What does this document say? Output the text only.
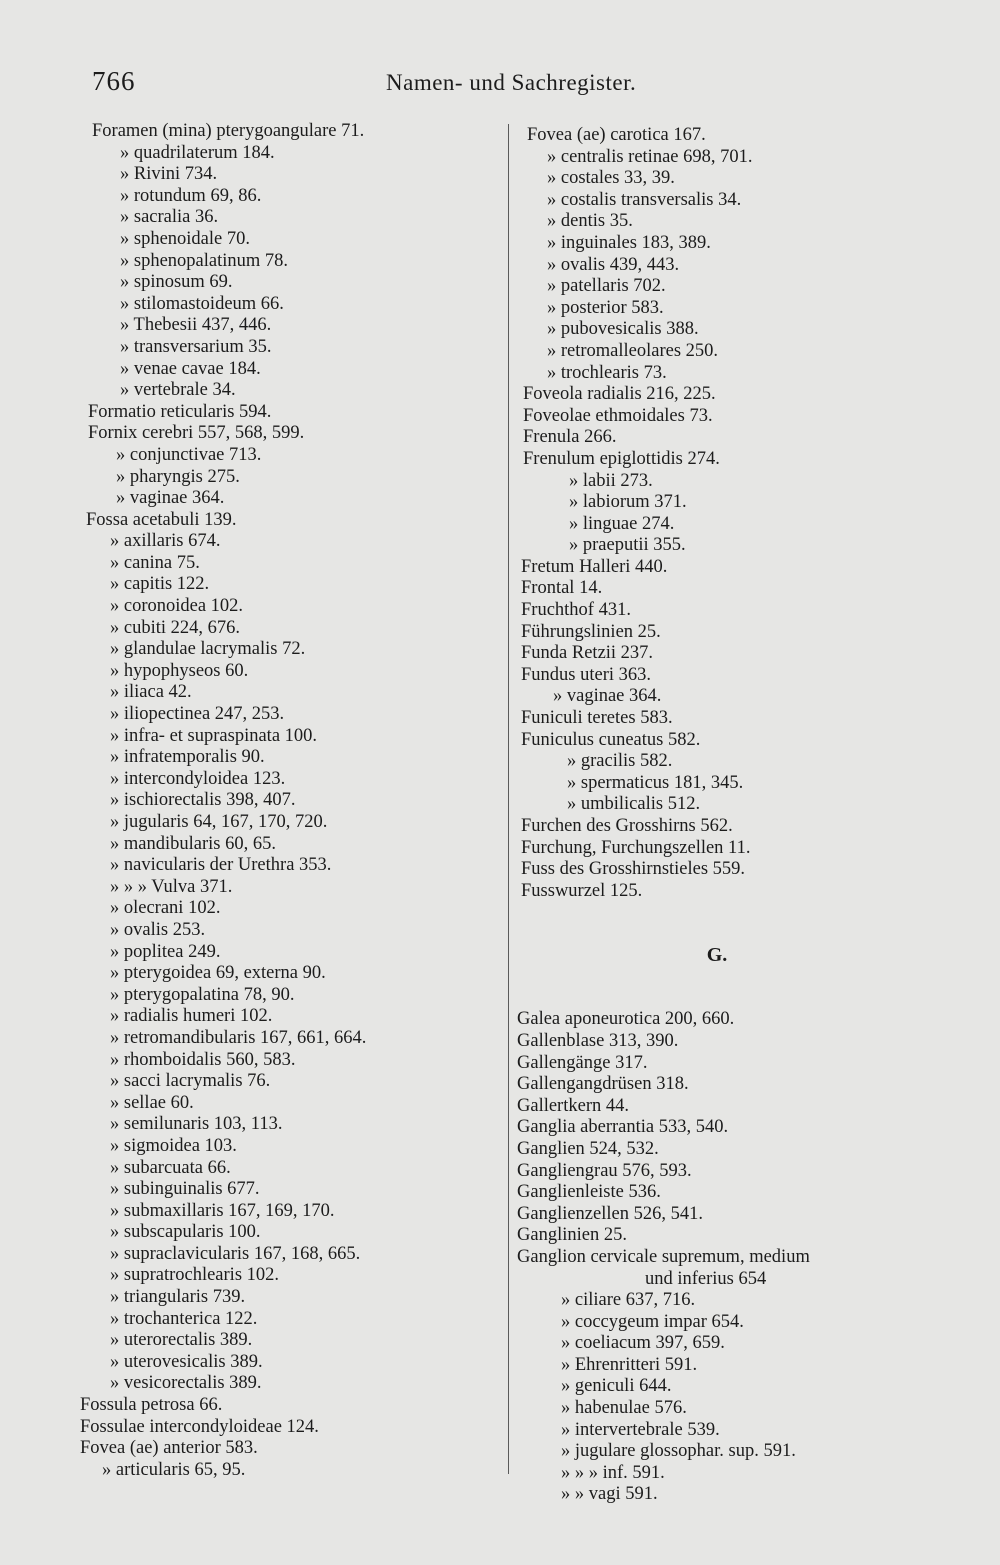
766	Namen- und Sachregister.
Foramen (mina) pterygoangulare 71.
» quadrilaterum 184.
» Rivini 734.
» rotundum 69, 86.
» sacralia 36.
» sphenoidale 70.
» sphenopalatinum 78.
» spinosum 69.
» stilomastoideum 66.
» Thebesii 437, 446.
» transversarium 35.
» venae cavae 184.
» vertebrale 34.
Formatio reticularis 594.
Fornix cerebri 557, 568, 599.
» conjunctivae 713.
» pharyngis 275.
» vaginae 364.
Fossa acetabuli 139.
» axillaris 674.
» canina 75.
» capitis 122.
» coronoidea 102.
» cubiti 224, 676.
» glandulae lacrymalis 72.
» hypophyseos 60.
» iliaca 42.
» iliopectinea 247, 253.
» infra- et supraspinata 100.
» infratemporalis 90.
» intercondyloidea 123.
» ischiorectalis 398, 407.
» jugularis 64, 167, 170, 720.
» mandibularis 60, 65.
» navicularis der Urethra 353.
» » » Vulva 371.
» olecrani 102.
» ovalis 253.
» poplitea 249.
» pterygoidea 69, externa 90.
» pterygopalatina 78, 90.
» radialis humeri 102.
» retromandibularis 167, 661, 664.
» rhomboidalis 560, 583.
» sacci lacrymalis 76.
» sellae 60.
» semilunaris 103, 113.
» sigmoidea 103.
» subarcuata 66.
» subinguinalis 677.
» submaxillaris 167, 169, 170.
» subscapularis 100.
» supraclavicularis 167, 168, 665.
» supratrochlearis 102.
» triangularis 739.
» trochanterica 122.
» uterorectalis 389.
» uterovesicalis 389.
» vesicorectalis 389.
Fossula petrosa 66.
Fossulae intercondyloideae 124.
Fovea (ae) anterior 583.
» articularis 65, 95.
Fovea (ae) carotica 167.
» centralis retinae 698, 701.
» costales 33, 39.
» costalis transversalis 34.
» dentis 35.
» inguinales 183, 389.
» ovalis 439, 443.
» patellaris 702.
» posterior 583.
» pubovesicalis 388.
» retromalleolares 250.
» trochlearis 73.
Foveola radialis 216, 225.
Foveolae ethmoidales 73.
Frenula 266.
Frenulum epiglottidis 274.
» labii 273.
» labiorum 371.
» linguae 274.
» praeputii 355.
Fretum Halleri 440.
Frontal 14.
Fruchthof 431.
Führungslinien 25.
Funda Retzii 237.
Fundus uteri 363.
» vaginae 364.
Funiculi teretes 583.
Funiculus cuneatus 582.
» gracilis 582.
» spermaticus 181, 345.
» umbilicalis 512.
Furchen des Grosshirns 562.
Furchung, Furchungszellen 11.
Fuss des Grosshirnstieles 559.
Fusswurzel 125.
G.
Galea aponeurotica 200, 660.
Gallenblase 313, 390.
Gallengänge 317.
Gallengangdrüsen 318.
Gallertkern 44.
Ganglia aberrantia 533, 540.
Ganglien 524, 532.
Gangliengrau 576, 593.
Ganglienleiste 536.
Ganglienzellen 526, 541.
Ganglinien 25.
Ganglion cervicale supremum, medium
und inferius 654
» ciliare 637, 716.
» coccygeum impar 654.
» coeliacum 397, 659.
» Ehrenritteri 591.
» geniculi 644.
» habenulae 576.
» intervertebrale 539.
» jugulare glossophar. sup. 591.
» » » inf. 591.
» » vagi 591.
